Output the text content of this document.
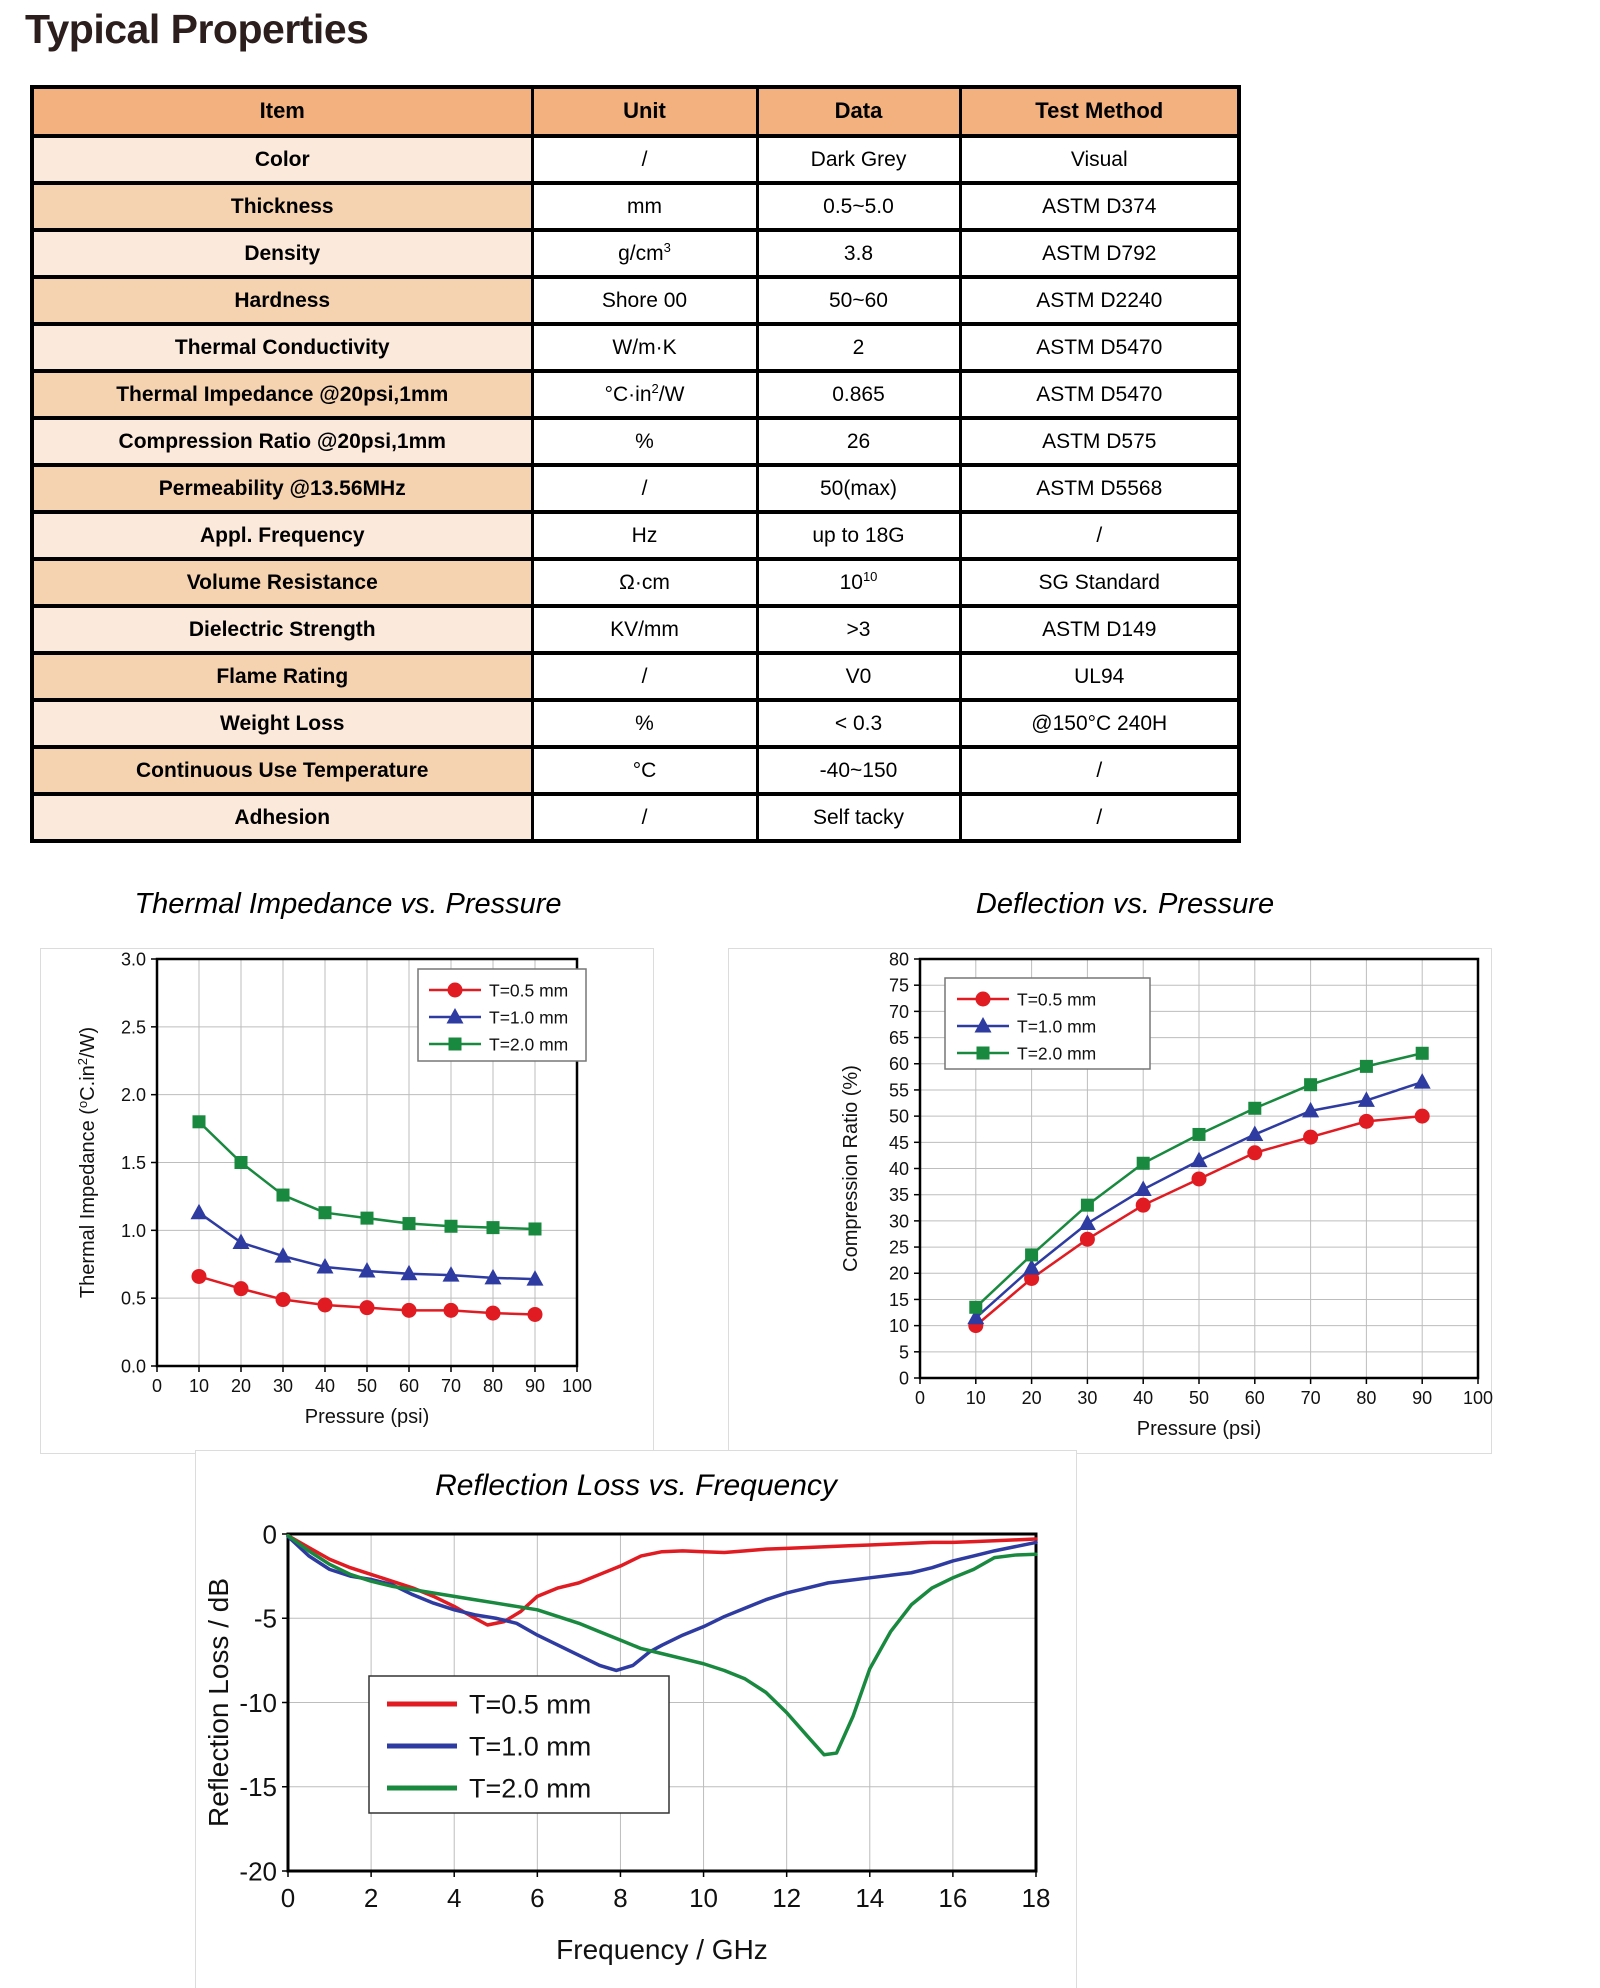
Typical Properties
Item	Unit	Data	Test Method
Color	/	Dark Grey	Visual
Thickness	mm	0.5~5.0	ASTM D374
Density	$g/cm^3$	3.8	ASTM D792
Hardness	Shore 00	50~60	ASTM D2240
Thermal Conductivity	W/m·K	2	ASTM D5470
Thermal Impedance @20psi,1mm	$^\circ C\cdot in^2/W$	0.865	ASTM D5470
Compression Ratio @20psi,1mm	%	26	ASTM D575
Permeability @13.56MHz	/	50(max)	ASTM D5568
Appl. Frequency	Hz	up to 18G	/
Volume Resistance	Ω·cm	$10^{10}$	SG Standard
Dielectric Strength	KV/mm	>3	ASTM D149
Flame Rating	/	V0	UL94
Weight Loss	%	< 0.3	@150°C 240H
Continuous Use Temperature	°C	-40~150	/
Adhesion	/	Self tacky	/
Thermal Impedance vs. Pressure
0 10 20 30 40 50 60 70 80 90 100
0.0
0.5
1.0
1.5
2.0
2.5
3.0
Pressure (psi)
Thermal Impedance $(^oC.in^2/W)$
T=0.5 mm
T=1.0 mm
T=2.0 mm
Deflection vs. Pressure
0 10 20 30 40 50 60 70 80 90 100
0
5
10
15
20
25
30
35
40
45
50
55
60
65
70
75
80
Pressure (psi)
Compression Ratio (%)
T=0.5 mm
T=1.0 mm
T=2.0 mm
Reflection Loss vs. Frequency
0	2	4	6	8 10 12 14 16 18
-20
-15
-10
-5
0
Frequency / GHz
Reflection Loss / dB	T=0.5 mm
T=1.0 mm
T=2.0 mm
